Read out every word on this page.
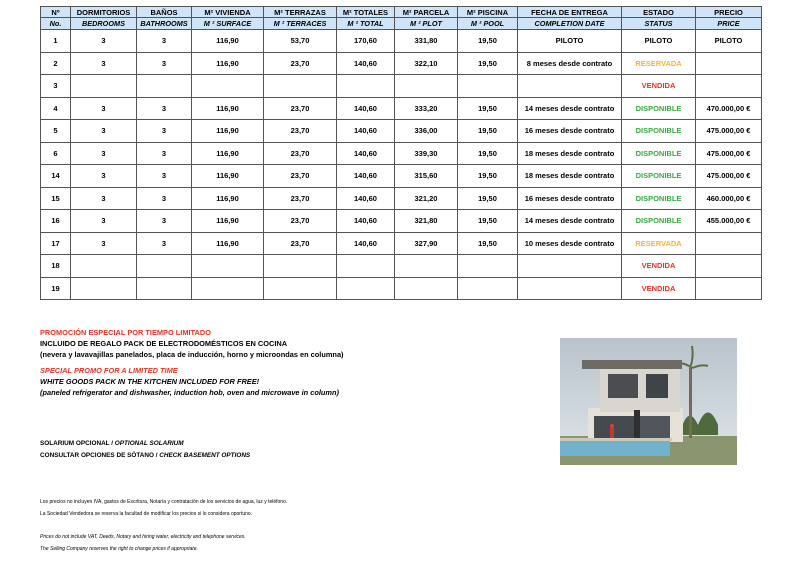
Nº	DORMITORIOS	BAÑOS	M² VIVIENDA	M² TERRAZAS	M² TOTALES	M² PARCELA	M² PISCINA	FECHA DE ENTREGA	ESTADO	PRECIO
No.	BEDROOMS	BATHROOMS	M ² SURFACE	M ² TERRACES	M ² TOTAL	M ² PLOT	M ² POOL	COMPLETION DATE	STATUS	PRICE
1	3	3	116,90	53,70	170,60	331,80	19,50	PILOTO	PILOTO	PILOTO
2	3	3	116,90	23,70	140,60	322,10	19,50	8 meses desde contrato	RESERVADA	
3									VENDIDA	
4	3	3	116,90	23,70	140,60	333,20	19,50	14 meses desde contrato	DISPONIBLE	470.000,00 €
5	3	3	116,90	23,70	140,60	336,00	19,50	16 meses desde contrato	DISPONIBLE	475.000,00 €
6	3	3	116,90	23,70	140,60	339,30	19,50	18 meses desde contrato	DISPONIBLE	475.000,00 €
14	3	3	116,90	23,70	140,60	315,60	19,50	18 meses desde contrato	DISPONIBLE	475.000,00 €
15	3	3	116,90	23,70	140,60	321,20	19,50	16 meses desde contrato	DISPONIBLE	460.000,00 €
16	3	3	116,90	23,70	140,60	321,80	19,50	14 meses desde contrato	DISPONIBLE	455.000,00 €
17	3	3	116,90	23,70	140,60	327,90	19,50	10 meses desde contrato	RESERVADA	
18									VENDIDA	
19									VENDIDA	
PROMOCIÓN ESPECIAL POR TIEMPO LIMITADO
INCLUIDO DE REGALO PACK DE ELECTRODOMÉSTICOS EN COCINA
(nevera y lavavajillas panelados, placa de inducción, horno y microondas en columna)
SPECIAL PROMO FOR A LIMITED TIME
WHITE GOODS PACK IN THE KITCHEN INCLUDED FOR FREE!
(paneled refrigerator and dishwasher, induction hob, oven and microwave in column)
SOLARIUM OPCIONAL / OPTIONAL SOLARIUM
CONSULTAR OPCIONES DE SÓTANO / CHECK BASEMENT OPTIONS
Los precios no incluyen IVA, gastos de Escritura, Notaría y contratación de los servicios de agua, luz y teléfono.
La Sociedad Vendedora se reserva la facultad de modificar los precios si lo considera oportuno.
Prices do not include VAT, Deeds, Notary and hiring water, electricity and telephone services.
The Selling Company reserves the right to change prices if appropriate.
